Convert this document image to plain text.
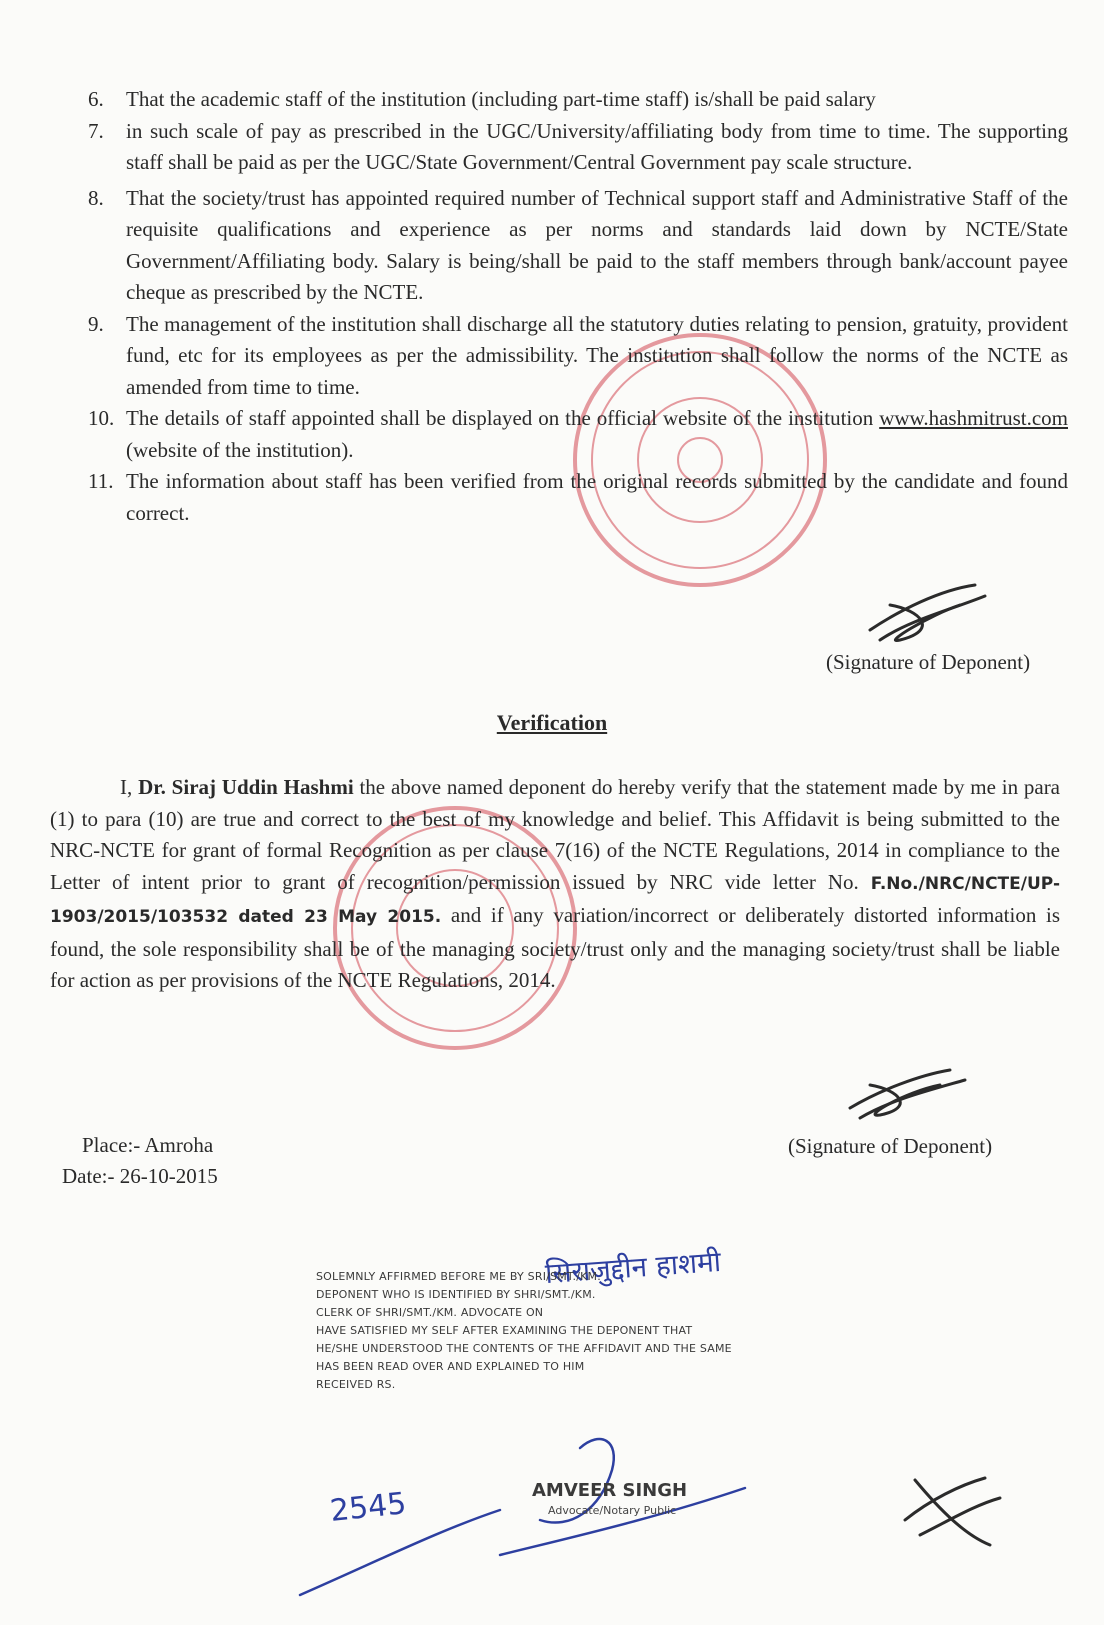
6. That the academic staff of the institution (including part-time staff) is/shall be paid salary
7. in such scale of pay as prescribed in the UGC/University/affiliating body from time to time. The supporting staff shall be paid as per the UGC/State Government/Central Government pay scale structure.
8. That the society/trust has appointed required number of Technical support staff and Administrative Staff of the requisite qualifications and experience as per norms and standards laid down by NCTE/State Government/Affiliating body. Salary is being/shall be paid to the staff members through bank/account payee cheque as prescribed by the NCTE.
9. The management of the institution shall discharge all the statutory duties relating to pension, gratuity, provident fund, etc for its employees as per the admissibility. The institution shall follow the norms of the NCTE as amended from time to time.
10. The details of staff appointed shall be displayed on the official website of the institution www.hashmitrust.com (website of the institution).
11. The information about staff has been verified from the original records submitted by the candidate and found correct.
(Signature of Deponent)
Verification

I, Dr. Siraj Uddin Hashmi the above named deponent do hereby verify that the statement made by me in para (1) to para (10) are true and correct to the best of my knowledge and belief. This Affidavit is being submitted to the NRC-NCTE for grant of formal Recognition as per clause 7(16) of the NCTE Regulations, 2014 in compliance to the Letter of intent prior to grant of recognition/permission issued by NRC vide letter No. F.No./NRC/NCTE/UP-1903/2015/103532 dated 23 May 2015. and if any variation/incorrect or deliberately distorted information is found, the sole responsibility shall be of the managing society/trust only and the managing society/trust shall be liable for action as per provisions of the NCTE Regulations, 2014.

(Signature of Deponent)
Place:- Amroha
Date:- 26-10-2015
सिराजुद्दीन हाशमी
SOLEMNLY AFFIRMED BEFORE ME BY SRI/SMT./KM.
DEPONENT WHO IS IDENTIFIED BY SHRI/SMT./KM.
CLERK OF SHRI/SMT./KM. ADVOCATE ON
HAVE SATISFIED MY SELF AFTER EXAMINING THE DEPONENT THAT
HE/SHE UNDERSTOOD THE CONTENTS OF THE AFFIDAVIT AND THE SAME
HAS BEEN READ OVER AND EXPLAINED TO HIM
RECEIVED RS.
2545	AMVEER SINGH
Advocate/Notary Public
